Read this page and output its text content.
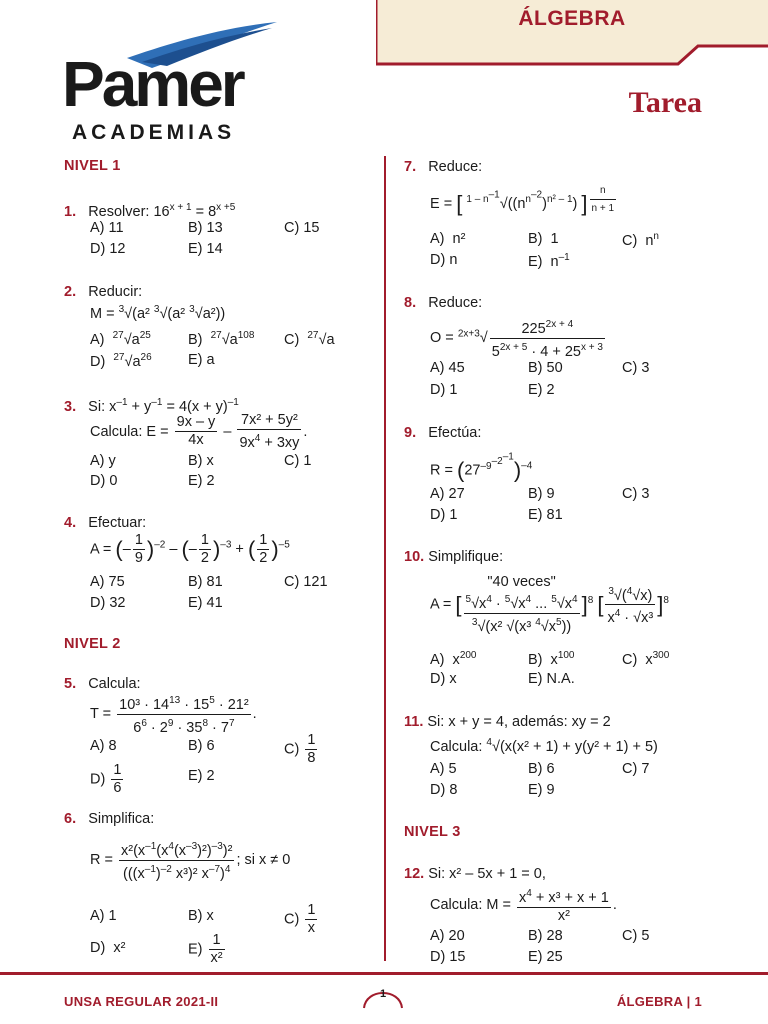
Pamer
ACADEMIAS
ÁLGEBRA
Tarea
NIVEL 1
1. Resolver: $16^{x + 1} = 8^{x +5}$
A) 11	B) 13	C) 15
D) 12	E) 14
2. Reducir:
M = $^3$√(a² $^3$√(a² $^3$√a²))
A)  $^{27}√a^{25}$	B)  $^{27}√a^{108}$ C)  $^{27}$√a
D)  $^{27}√a^{26}$	E) a
3.   Si: $x^{-1} + y^{-1} = 4(x + y)^{-1}$
Calcula: $E = \frac{9x - y}{4x} - \frac{\text{7x² + 5y²}}{9x^4 + 3xy}$ .
A) y	B) x	C) 1
D) 0	E) 2
4. Efectuar:
A = (– $\frac{1}{9} )^{-2}$ – (– $\frac{1}{2} )^{-3}$ + ( $\frac{1}{2} )^{-5}$
A) 75	B) 81	C) 121
D) 32	E) 41
NIVEL 2
5. Calcula:
$T = \frac{10^3 \cdot 14^{13} \cdot 15^5 \cdot 21^2}{6^6 \cdot 2^9 \cdot 35^8 \cdot 7^7}$ .
A) 8	B) 6	$C) \frac{1}{8}$
$D) \frac{1}{6}$	E) 2
6. Simplifica:
$R = \frac{x^2(x^{-1}(x^4(x^{-3})^2)^{-3})^2}{(((x^{-1})^{-2} x^3)^2 x^{-7})^4}$ ; si x ≠ 0
A) 1	B) x	$C) \frac{1}{x}$
D)  x²	$E) \frac{1}{\text{x²}}$
7. Reduce:
E = [ $^{1 - n^{-1}}√((n^{n^{-2}})^{n^2 - 1})$ ] $^{\frac{n}{n + 1}}$
A)  n²	B)  1	C)  $n^n$
D) n	E)  $n^{-1}$
8. Reduce:
$O = ^{2x+3}√ \frac{225^{2x + 4}}{5^{2x + 5} \cdot 4 + 25^{x + 3}}$
A) 45	B) 50	C) 3
D) 1	E) 2
9. Efectúa:
$R = (27^{-9^{-2^{-1}}})^{-4}$
A) 27	B) 9	C) 3
D) 1	E) 81
10. Simplifique:
A = [
"40 veces"
$^5√x^4 \cdot ^5√x^4$ ... $^5√x^4$
$^3$√(x² √(x³ $^4√x^5$))
]$^8$ [ $\frac{^3√(^4√x)}{x^4 \cdot √x^3} ]^8$
A)  $x^{200}$	B)  $x^{100}$	C)  $x^{300}$
D) x	E) N.A.
11. Si: x + y = 4, además: xy = 2
Calcula: $^4$√(x(x² + 1) + y(y² + 1) + 5)
A) 5	B) 6	C) 7
D) 8	E) 9
NIVEL 3
12. Si: x² – 5x + 1 = 0,
Calcula: $M = \frac{x^4 + x^3 + x + 1}{\text{x²}}$ .
A) 20	B) 28	C) 5
D) 15	E) 25
UNSA REGULAR 2021-II	1	ÁLGEBRA | 1
